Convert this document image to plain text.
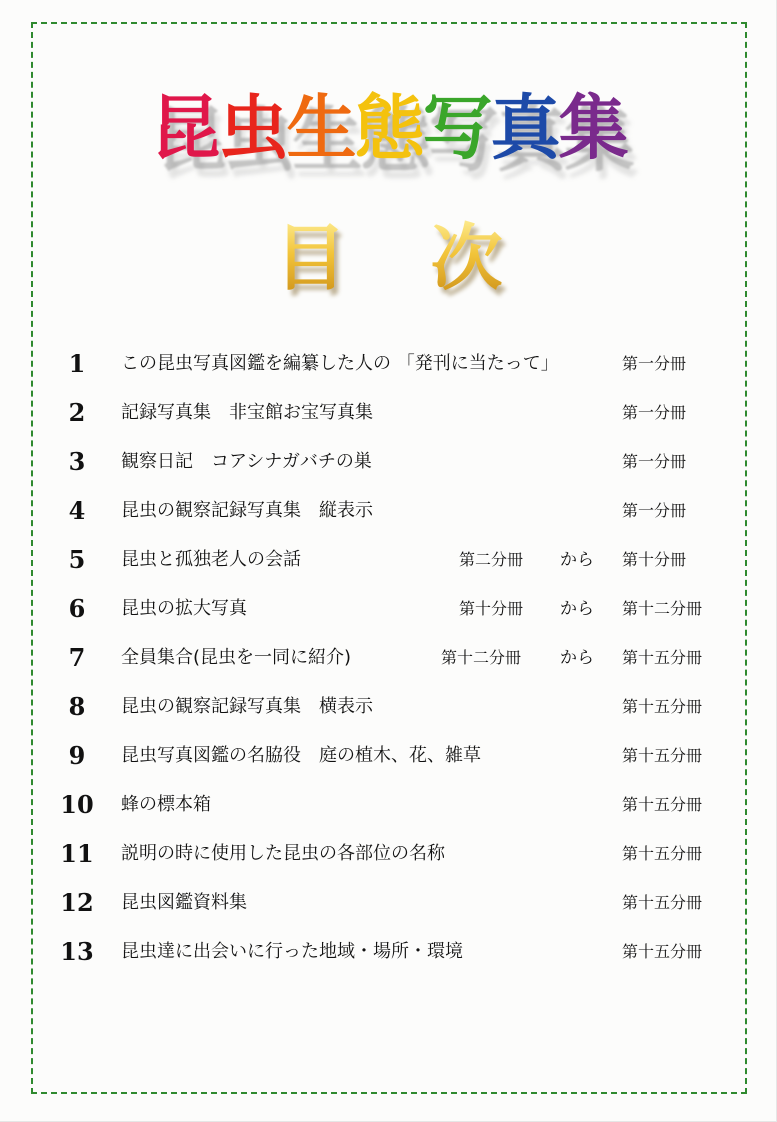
昆虫生態写真集
目 次
1	この昆虫写真図鑑を編纂した人の 「発刊に当たって」	第一分冊
2	記録写真集　非宝館お宝写真集	第一分冊
3	観察日記　コアシナガバチの巣	第一分冊
4	昆虫の観察記録写真集　縦表示	第一分冊
5	昆虫と孤独老人の会話	第二分冊 から 第十分冊
6	昆虫の拡大写真	第十分冊 から 第十二分冊
7	全員集合(昆虫を一同に紹介)	第十二分冊 から 第十五分冊
8	昆虫の観察記録写真集　横表示	第十五分冊
9	昆虫写真図鑑の名脇役　庭の植木、花、雑草	第十五分冊
10 蜂の標本箱	第十五分冊
11 説明の時に使用した昆虫の各部位の名称	第十五分冊
12 昆虫図鑑資料集	第十五分冊
13 昆虫達に出会いに行った地域・場所・環境	第十五分冊
